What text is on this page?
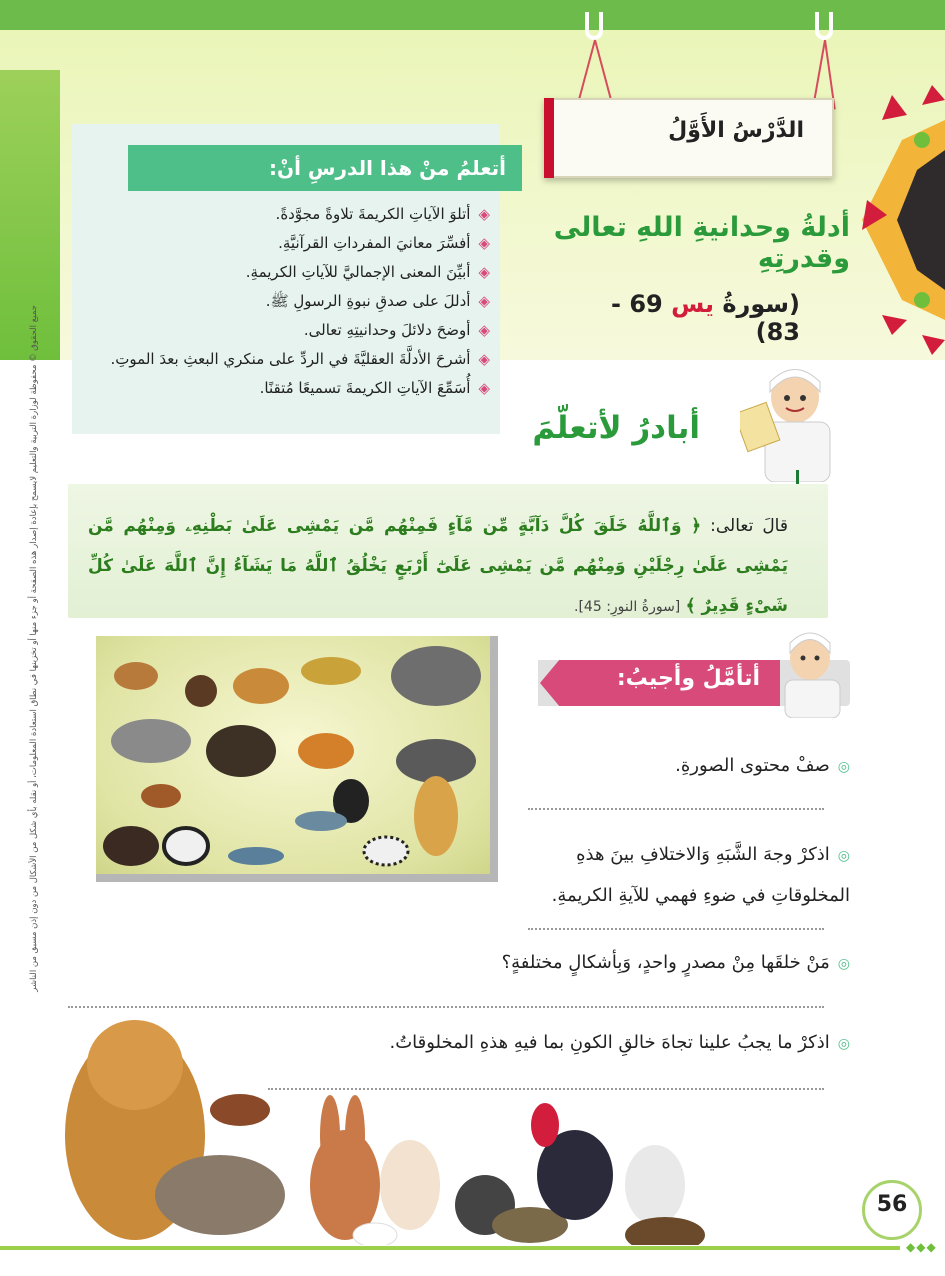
الدَّرْسُ الأَوَّلُ
أدلةُ وحدانيةِ اللهِ تعالى وقدرتِهِ
(سورةُ يس 69 - 83)
أتعلمُ منْ هذا الدرسِ أنْ:
◈أتلوَ الآياتِ الكريمةَ تلاوةً مجوَّدةً.
◈أفسِّرَ معانيَ المفرداتِ القرآنيَّةِ.
◈أبيِّنَ المعنى الإجماليَّ للآياتِ الكريمةِ.
◈أدللَ على صدقِ نبوةِ الرسولِ ﷺ.
◈أوضحَ دلائلَ وحدانيتِهِ تعالى.
◈أشرحَ الأدلَّةَ العقليَّةَ في الردِّ على منكري البعثِ بعدَ الموتِ.
◈أُسَمِّعَ الآياتِ الكريمةَ تسميعًا مُتقنًا.
جميع الحقوق © محفوظة لوزارة التربية والتعليم لايسمح بإعادة إصدار هذه الصفحة أو جزء منها أو تخزينها في نطاق استعادة المعلومات، أو نقله بأي شكل من الأشكال من دون إذن مسبق من الناشر	أبادرُ لأتعلّمَ
قالَ تعالى: ﴿ وَٱللَّهُ خَلَقَ كُلَّ دَآبَّةٍ مِّن مَّآءٍ فَمِنْهُم مَّن يَمْشِى عَلَىٰ بَطْنِهِۦ وَمِنْهُم مَّن يَمْشِى عَلَىٰ رِجْلَيْنِ وَمِنْهُم مَّن يَمْشِى عَلَىٰٓ أَرْبَعٍ يَخْلُقُ ٱللَّهُ مَا يَشَآءُ إِنَّ ٱللَّهَ عَلَىٰ كُلِّ شَىْءٍ قَدِيرٌ ﴾ [سورةُ النورِ: 45].
أتأمَّلُ وأجيبُ:
◎صفْ محتوى الصورةِ.
◎اذكرْ وجهَ الشَّبَهِ وَالاختلافِ بينَ هذهِ المخلوقاتِ في ضوءِ فهمي للآيةِ الكريمةِ.
◎مَنْ خلقَها مِنْ مصدرٍ واحدٍ، وَبِأشكالٍ مختلفةٍ؟
◎اذكرْ ما يجبُ علينا تجاهَ خالقِ الكونِ بما فيهِ هذهِ المخلوقاتُ.
56
◆◆◆
